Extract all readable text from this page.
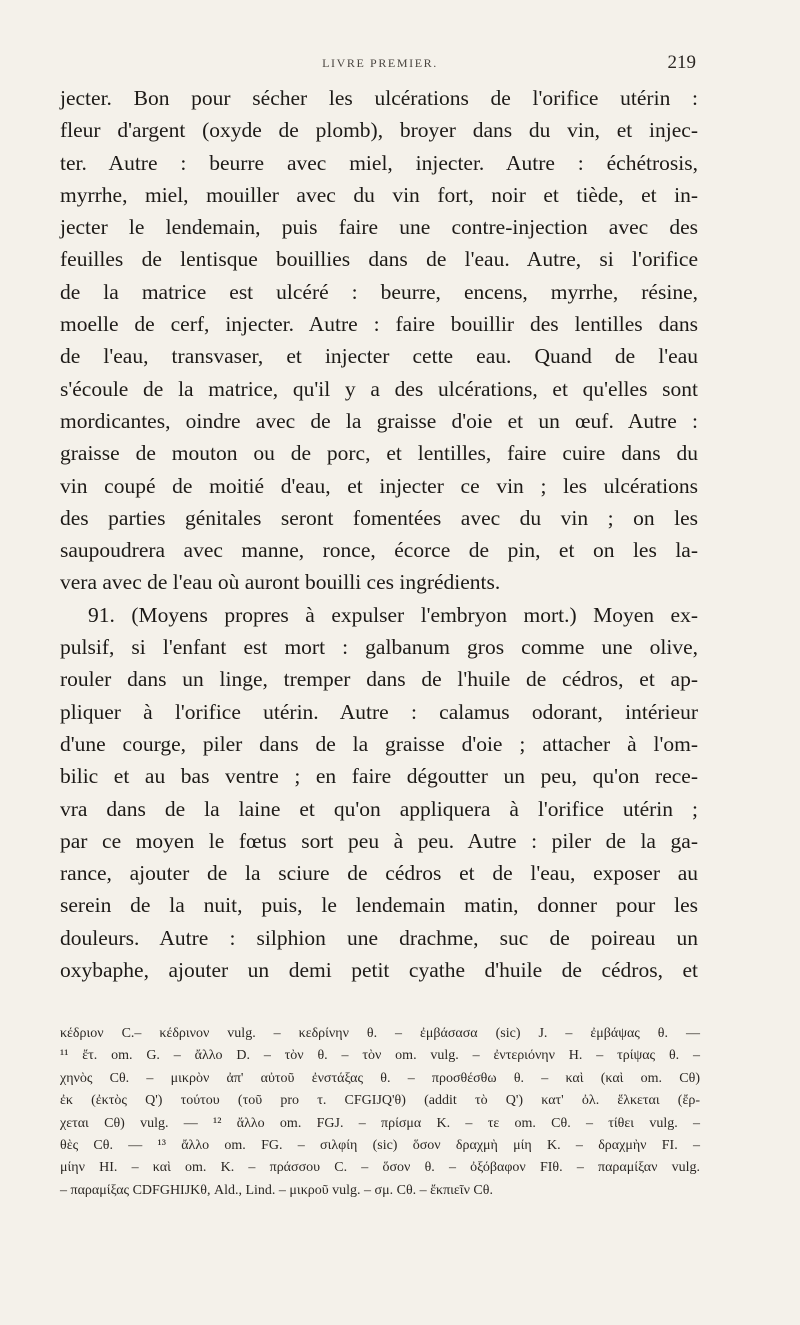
LIVRE PREMIER.	219
jecter. Bon pour sécher les ulcérations de l'orifice utérin :
fleur d'argent (oxyde de plomb), broyer dans du vin, et injec-
ter. Autre : beurre avec miel, injecter. Autre : échétrosis,
myrrhe, miel, mouiller avec du vin fort, noir et tiède, et in-
jecter le lendemain, puis faire une contre-injection avec des
feuilles de lentisque bouillies dans de l'eau. Autre, si l'orifice
de la matrice est ulcéré : beurre, encens, myrrhe, résine,
moelle de cerf, injecter. Autre : faire bouillir des lentilles dans
de l'eau, transvaser, et injecter cette eau. Quand de l'eau
s'écoule de la matrice, qu'il y a des ulcérations, et qu'elles sont
mordicantes, oindre avec de la graisse d'oie et un œuf. Autre :
graisse de mouton ou de porc, et lentilles, faire cuire dans du
vin coupé de moitié d'eau, et injecter ce vin ; les ulcérations
des parties génitales seront fomentées avec du vin ; on les
saupoudrera avec manne, ronce, écorce de pin, et on les la-
vera avec de l'eau où auront bouilli ces ingrédients.
91. (Moyens propres à expulser l'embryon mort.) Moyen ex-
pulsif, si l'enfant est mort : galbanum gros comme une olive,
rouler dans un linge, tremper dans de l'huile de cédros, et ap-
pliquer à l'orifice utérin. Autre : calamus odorant, intérieur
d'une courge, piler dans de la graisse d'oie ; attacher à l'om-
bilic et au bas ventre ; en faire dégoutter un peu, qu'on rece-
vra dans de la laine et qu'on appliquera à l'orifice utérin ;
par ce moyen le fœtus sort peu à peu. Autre : piler de la ga-
rance, ajouter de la sciure de cédros et de l'eau, exposer au
serein de la nuit, puis, le lendemain matin, donner pour les
douleurs. Autre : silphion une drachme, suc de poireau un
oxybaphe, ajouter un demi petit cyathe d'huile de cédros, et
κέδριον C.– κέδρινον vulg. – κεδρίνην θ. – ἐμβάσασα (sic) J. – ἐμβάψας θ. —
¹¹ ἔτ. om. G. – ἄλλο D. – τὸν θ. – τὸν om. vulg. – ἐντεριόνην H. – τρίψας θ. –
χηνὸς Cθ. – μικρὸν ἀπ' αὐτοῦ ἐνστάξας θ. – προσθέσθω θ. – καὶ (καὶ om. Cθ)
ἐκ (ἐκτὸς Q') τούτου (τοῦ pro τ. CFGIJQ'θ) (addit τὸ Q') κατ' ὀλ. ἕλκεται (ἔρ-
χεται Cθ) vulg. — ¹² ἄλλο om. FGJ. – πρίσμα K. – τε om. Cθ. – τίθει vulg. –
θὲς Cθ. — ¹³ ἄλλο om. FG. – σιλφίη (sic) ὅσον δραχμὴ μίη K. – δραχμὴν FI. –
μίην HI. – καὶ om. K. – πράσσου C. – ὅσον θ. – ὀξόβαφον FIθ. – παραμίξαν vulg.
– παραμίξας CDFGHIJKθ, Ald., Lind. – μικροῦ vulg. – σμ. Cθ. – ἔκπιεῖν Cθ.
